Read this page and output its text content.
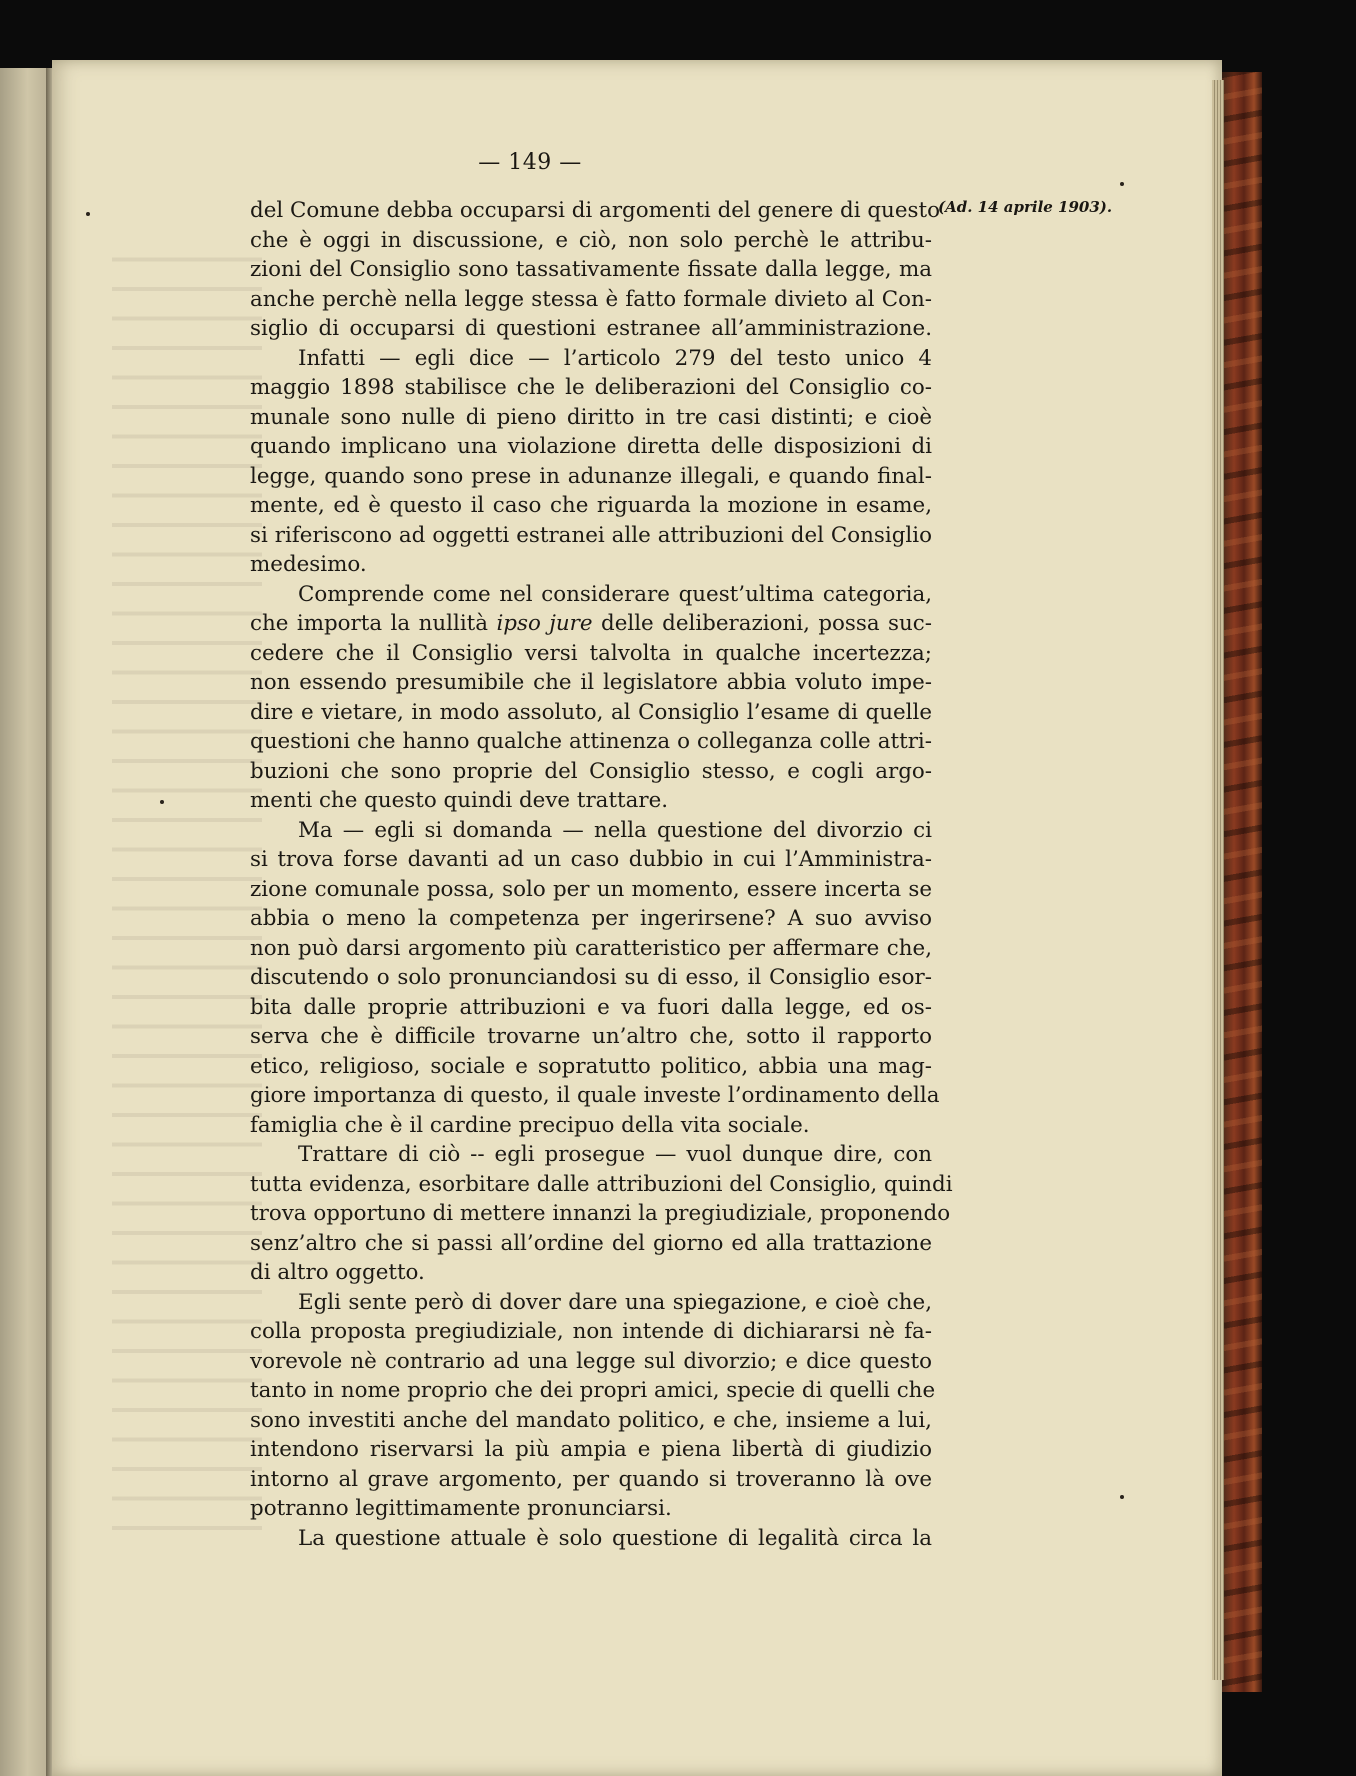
— 149 —
(Ad. 14 aprile 1903).
del Comune debba occuparsi di argomenti del genere di questo
che è oggi in discussione, e ciò, non solo perchè le attribu-
zioni del Consiglio sono tassativamente fissate dalla legge, ma
anche perchè nella legge stessa è fatto formale divieto al Con-
siglio di occuparsi di questioni estranee all’amministrazione.
Infatti — egli dice — l’articolo 279 del testo unico 4
maggio 1898 stabilisce che le deliberazioni del Consiglio co-
munale sono nulle di pieno diritto in tre casi distinti; e cioè
quando implicano una violazione diretta delle disposizioni di
legge, quando sono prese in adunanze illegali, e quando final-
mente, ed è questo il caso che riguarda la mozione in esame,
si riferiscono ad oggetti estranei alle attribuzioni del Consiglio
medesimo.
Comprende come nel considerare quest’ultima categoria,
che importa la nullità ipso jure delle deliberazioni, possa suc-
cedere che il Consiglio versi talvolta in qualche incertezza;
non essendo presumibile che il legislatore abbia voluto impe-
dire e vietare, in modo assoluto, al Consiglio l’esame di quelle
questioni che hanno qualche attinenza o colleganza colle attri-
buzioni che sono proprie del Consiglio stesso, e cogli argo-
menti che questo quindi deve trattare.
Ma — egli si domanda — nella questione del divorzio ci
si trova forse davanti ad un caso dubbio in cui l’Amministra-
zione comunale possa, solo per un momento, essere incerta se
abbia o meno la competenza per ingerirsene? A suo avviso
non può darsi argomento più caratteristico per affermare che,
discutendo o solo pronunciandosi su di esso, il Consiglio esor-
bita dalle proprie attribuzioni e va fuori dalla legge, ed os-
serva che è difficile trovarne un’altro che, sotto il rapporto
etico, religioso, sociale e sopratutto politico, abbia una mag-
giore importanza di questo, il quale investe l’ordinamento della
famiglia che è il cardine precipuo della vita sociale.
Trattare di ciò -- egli prosegue — vuol dunque dire, con
tutta evidenza, esorbitare dalle attribuzioni del Consiglio, quindi
trova opportuno di mettere innanzi la pregiudiziale, proponendo
senz’altro che si passi all’ordine del giorno ed alla trattazione
di altro oggetto.
Egli sente però di dover dare una spiegazione, e cioè che,
colla proposta pregiudiziale, non intende di dichiararsi nè fa-
vorevole nè contrario ad una legge sul divorzio; e dice questo
tanto in nome proprio che dei propri amici, specie di quelli che
sono investiti anche del mandato politico, e che, insieme a lui,
intendono riservarsi la più ampia e piena libertà di giudizio
intorno al grave argomento, per quando si troveranno là ove
potranno legittimamente pronunciarsi.
La questione attuale è solo questione di legalità circa la
